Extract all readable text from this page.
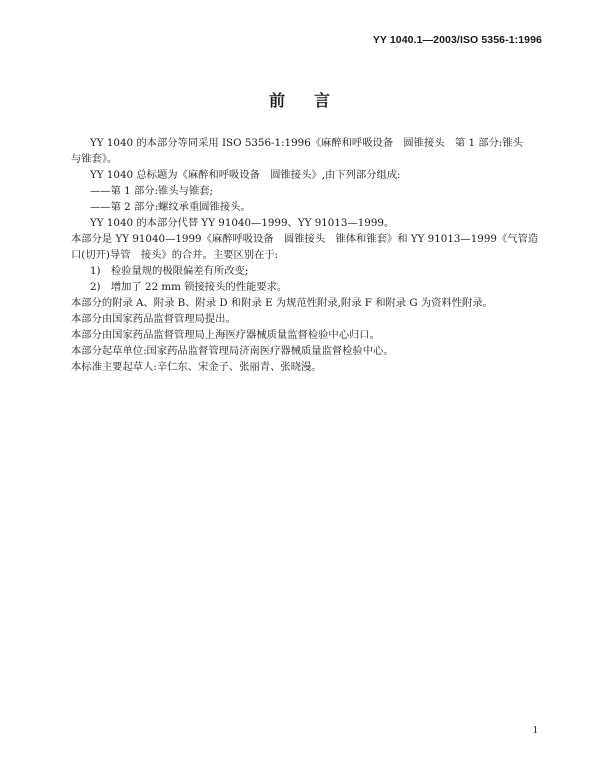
YY 1040.1—2003/ISO 5356-1:1996
前 言

YY 1040 的本部分等同采用 ISO 5356-1:1996《麻醉和呼吸设备　圆锥接头　第 1 部分:锥头

与锥套》。

YY 1040 总标题为《麻醉和呼吸设备　圆锥接头》,由下列部分组成:

——第 1 部分:锥头与锥套;

——第 2 部分:螺纹承重圆锥接头。

YY 1040 的本部分代替 YY 91040—1999、YY 91013—1999。

本部分是 YY 91040—1999《麻醉呼吸设备　圆锥接头　锥体和锥套》和 YY 91013—1999《气管造

口(切开)导管　接头》的合并。主要区别在于:

1)　检验量规的极限偏差有所改变;

2)　增加了 22 mm 锁接接头的性能要求。

本部分的附录 A、附录 B、附录 D 和附录 E 为规范性附录,附录 F 和附录 G 为资料性附录。

本部分由国家药品监督管理局提出。

本部分由国家药品监督管理局上海医疗器械质量监督检验中心归口。

本部分起草单位:国家药品监督管理局济南医疗器械质量监督检验中心。

本标准主要起草人:辛仁东、宋金子、张丽青、张晓漫。

1
